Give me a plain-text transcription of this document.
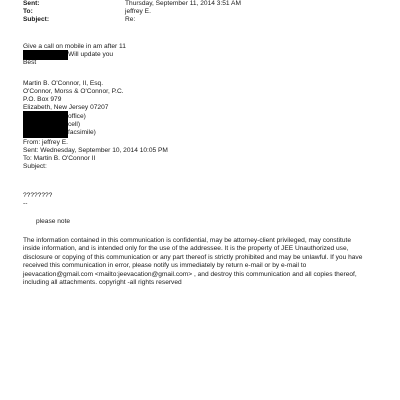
Sent:	Thursday, September 11, 2014 3:51 AM
To:	jeffrey E.
Subject:	Re:
Give a call on mobile in am after 11
Will update you
Best
Martin B. O'Connor, II, Esq.
O'Connor, Morss & O'Connor, P.C.
P.O. Box 979
Elizabeth, New Jersey 07207
office)
cell)
facsimile)
From: jeffrey E.
Sent: Wednesday, September 10, 2014 10:05 PM
To: Martin B. O'Connor II
Subject:
????????
--
please note
The information contained in this communication is confidential, may be attorney-client privileged, may constitute inside information, and is intended only for the use of the addressee. It is the property of JEE Unauthorized use, disclosure or copying of this communication or any part thereof is strictly prohibited and may be unlawful. If you have received this communication in error, please notify us immediately by return e-mail or by e-mail to jeevacation@gmail.com <mailto:jeevacation@gmail.com> , and destroy this communication and all copies thereof, including all attachments. copyright -all rights reserved
